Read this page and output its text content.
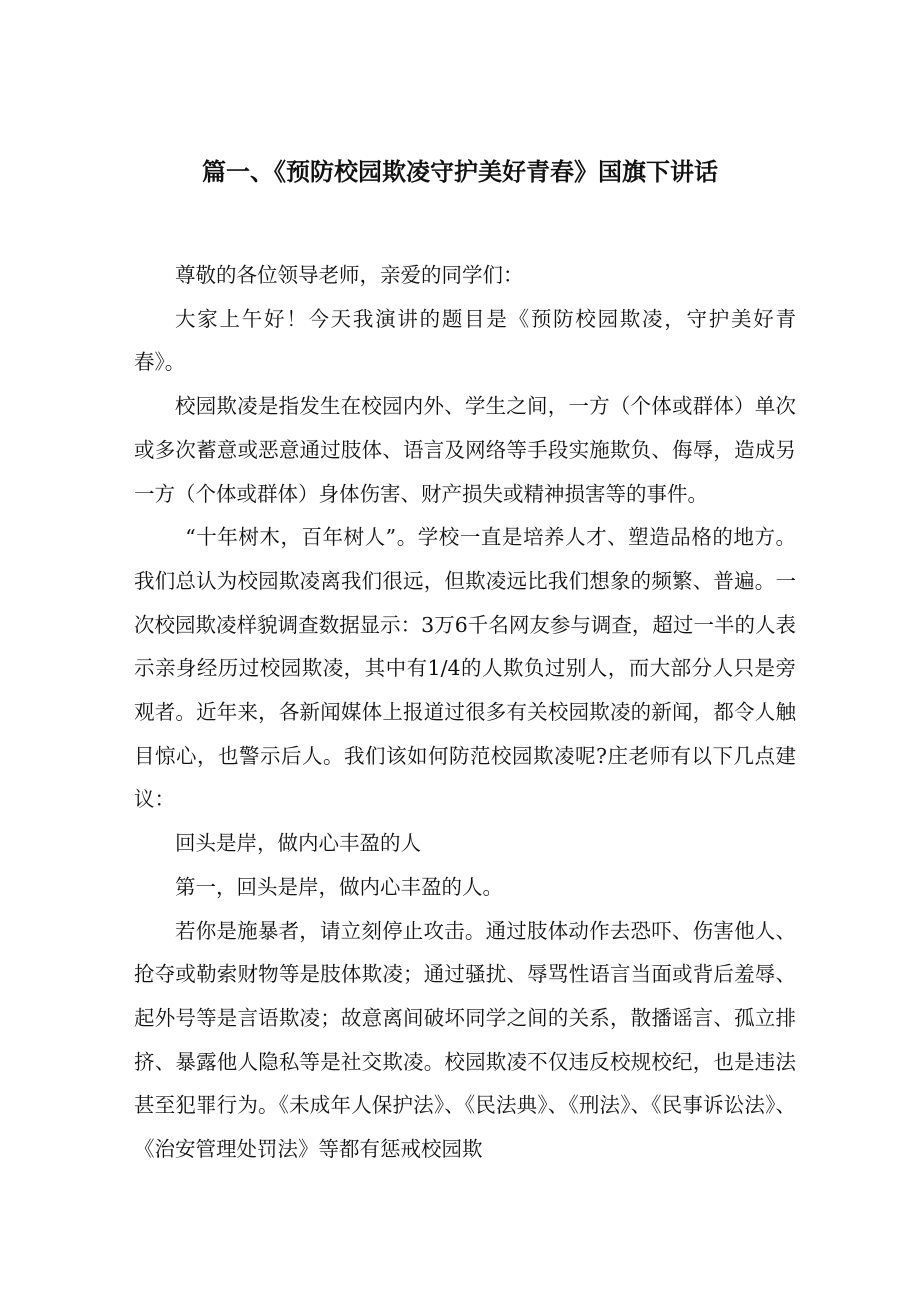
篇一、《预防校园欺凌守护美好青春》国旗下讲话

尊敬的各位领导老师，亲爱的同学们：

大家上午好！今天我演讲的题目是《预防校园欺凌，守护美好青春》。

校园欺凌是指发生在校园内外、学生之间，一方（个体或群体）单次或多次蓄意或恶意通过肢体、语言及网络等手段实施欺负、侮辱，造成另一方（个体或群体）身体伤害、财产损失或精神损害等的事件。

“十年树木，百年树人”。学校一直是培养人才、塑造品格的地方。我们总认为校园欺凌离我们很远，但欺凌远比我们想象的频繁、普遍。一次校园欺凌样貌调查数据显示：3万6千名网友参与调查，超过一半的人表示亲身经历过校园欺凌，其中有1/4的人欺负过别人，而大部分人只是旁观者。近年来，各新闻媒体上报道过很多有关校园欺凌的新闻，都令人触目惊心，也警示后人。我们该如何防范校园欺凌呢?庄老师有以下几点建议：

回头是岸，做内心丰盈的人

第一，回头是岸，做内心丰盈的人。

若你是施暴者，请立刻停止攻击。通过肢体动作去恐吓、伤害他人、抢夺或勒索财物等是肢体欺凌；通过骚扰、辱骂性语言当面或背后羞辱、起外号等是言语欺凌；故意离间破坏同学之间的关系，散播谣言、孤立排挤、暴露他人隐私等是社交欺凌。校园欺凌不仅违反校规校纪，也是违法甚至犯罪行为。《未成年人保护法》、《民法典》、《刑法》、《民事诉讼法》、《治安管理处罚法》等都有惩戒校园欺
